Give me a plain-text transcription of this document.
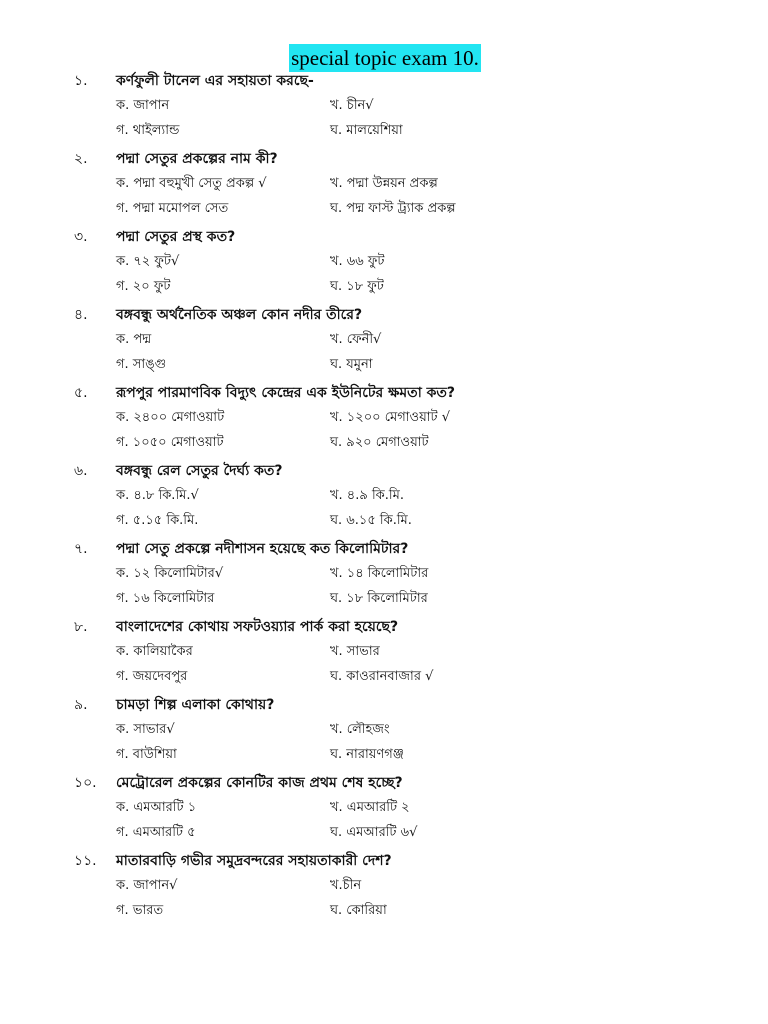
special topic exam 10.
১. কর্ণফুলী টানেল এর সহায়তা করছে-
ক. জাপান	খ. চীন√
গ. থাইল্যান্ড	ঘ. মালয়েশিয়া
২. পদ্মা সেতুর প্রকল্পের নাম কী?
ক. পদ্মা বহুমুখী সেতু প্রকল্প √	খ. পদ্মা উন্নয়ন প্রকল্প
গ. পদ্মা মমোপল সেত	ঘ. পদ্ম ফাস্ট ট্র্যাক প্রকল্প
৩. পদ্মা সেতুর প্রস্থ কত?
ক. ৭২ ফুট√	খ. ৬৬ ফুট
গ. ২০ ফুট	ঘ. ১৮ ফুট
৪. বঙ্গবন্ধু অর্থনৈতিক অঞ্চল কোন নদীর তীরে?
ক. পদ্ম	খ. ফেনী√
গ. সাঙ্গু	ঘ. যমুনা
৫. রূপপুর পারমাণবিক বিদ্যুৎ কেন্দ্রের এক ইউনিটের ক্ষমতা কত?
ক. ২৪০০ মেগাওয়াট	খ. ১২০০ মেগাওয়াট √
গ. ১০৫০ মেগাওয়াট	ঘ. ৯২০ মেগাওয়াট
৬. বঙ্গবন্ধু রেল সেতুর দৈর্ঘ্য কত?
ক. ৪.৮ কি.মি.√	খ. ৪.৯ কি.মি.
গ. ৫.১৫ কি.মি.	ঘ. ৬.১৫ কি.মি.
৭. পদ্মা সেতু প্রকল্পে নদীশাসন হয়েছে কত কিলোমিটার?
ক. ১২ কিলোমিটার√	খ. ১৪ কিলোমিটার
গ. ১৬ কিলোমিটার	ঘ. ১৮ কিলোমিটার
৮. বাংলাদেশের কোথায় সফটওয়্যার পার্ক করা হয়েছে?
ক. কালিয়াকৈর	খ. সাভার
গ. জয়দেবপুর	ঘ. কাওরানবাজার √
৯. চামড়া শিল্প এলাকা কোথায়?
ক. সাভার√	খ. লৌহজং
গ. বাউশিয়া	ঘ. নারায়ণগঞ্জ
১০. মেট্রোরেল প্রকল্পের কোনটির কাজ প্রথম শেষ হচ্ছে?
ক. এমআরটি ১	খ. এমআরটি ২
গ. এমআরটি ৫	ঘ. এমআরটি ৬√
১১. মাতারবাড়ি গভীর সমুদ্রবন্দরের সহায়তাকারী দেশ?
ক. জাপান√	খ.চীন
গ. ভারত	ঘ. কোরিয়া
